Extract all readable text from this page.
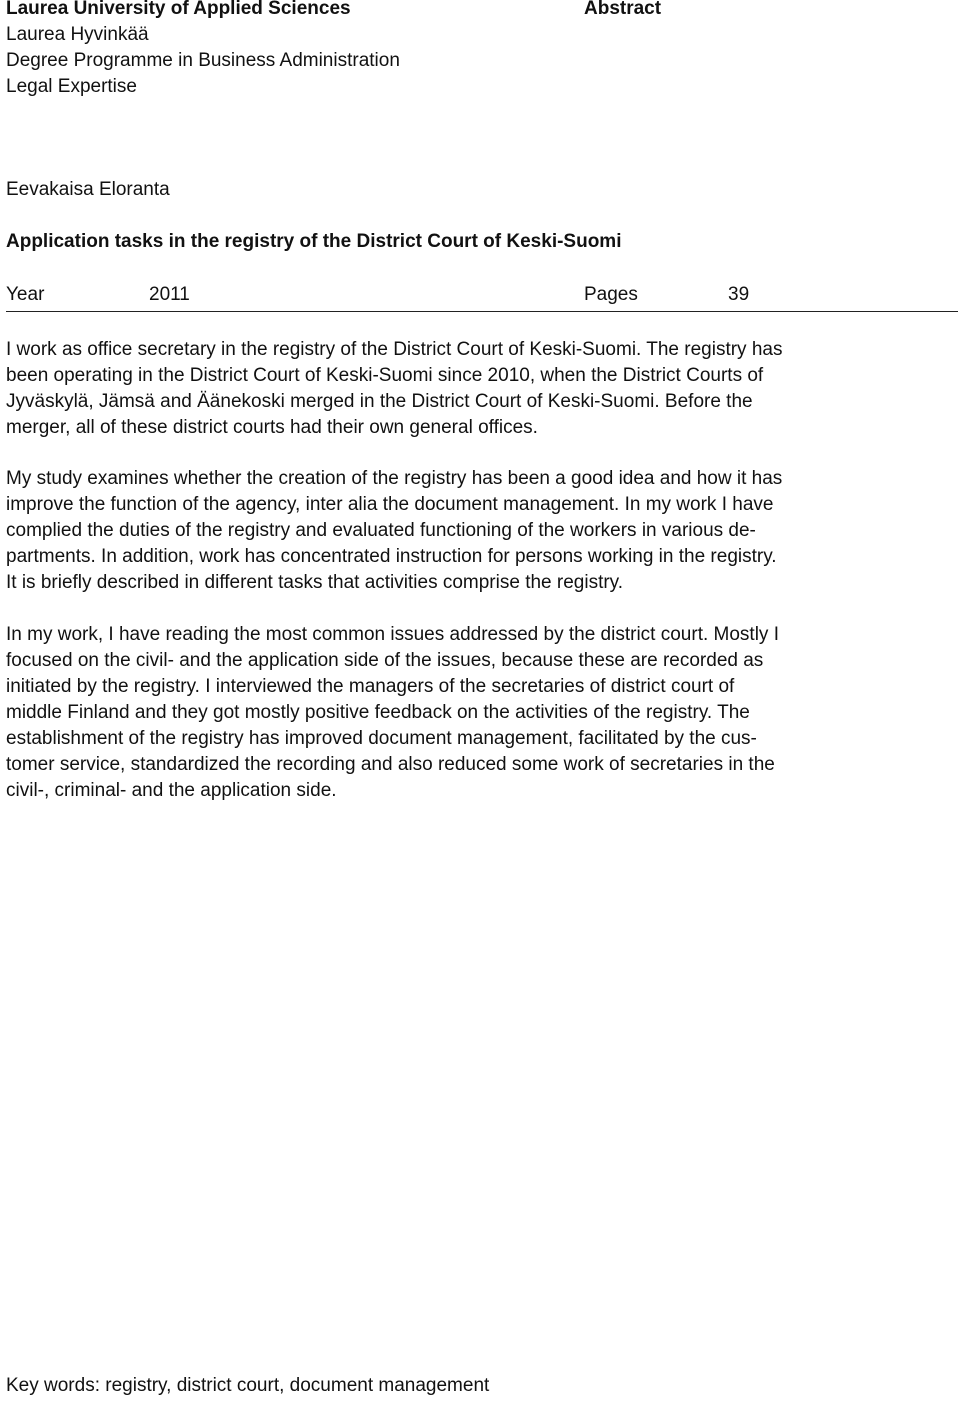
Laurea University of Applied Sciences	Abstract
Laurea Hyvinkää
Degree Programme in Business Administration
Legal Expertise
Eevakaisa Eloranta
Application tasks in the registry of the District Court of Keski-Suomi
Year	2011	Pages	39
I work as office secretary in the registry of the District Court of Keski-Suomi. The registry has
been operating in the District Court of Keski-Suomi since 2010, when the District Courts of
Jyväskylä, Jämsä and Äänekoski merged in the District Court of Keski-Suomi. Before the
merger, all of these district courts had their own general offices.
My study examines whether the creation of the registry has been a good idea and how it has
improve the function of the agency, inter alia the document management. In my work I have
complied the duties of the registry and evaluated functioning of the workers in various de-
partments. In addition, work has concentrated instruction for persons working in the registry.
It is briefly described in different tasks that activities comprise the registry.
In my work, I have reading the most common issues addressed by the district court. Mostly I
focused on the civil- and the application side of the issues, because these are recorded as
initiated by the registry. I interviewed the managers of the secretaries of district court of
middle Finland and they got mostly positive feedback on the activities of the registry. The
establishment of the registry has improved document management, facilitated by the cus-
tomer service, standardized the recording and also reduced some work of secretaries in the
civil-, criminal- and the application side.
Key words: registry, district court, document management
